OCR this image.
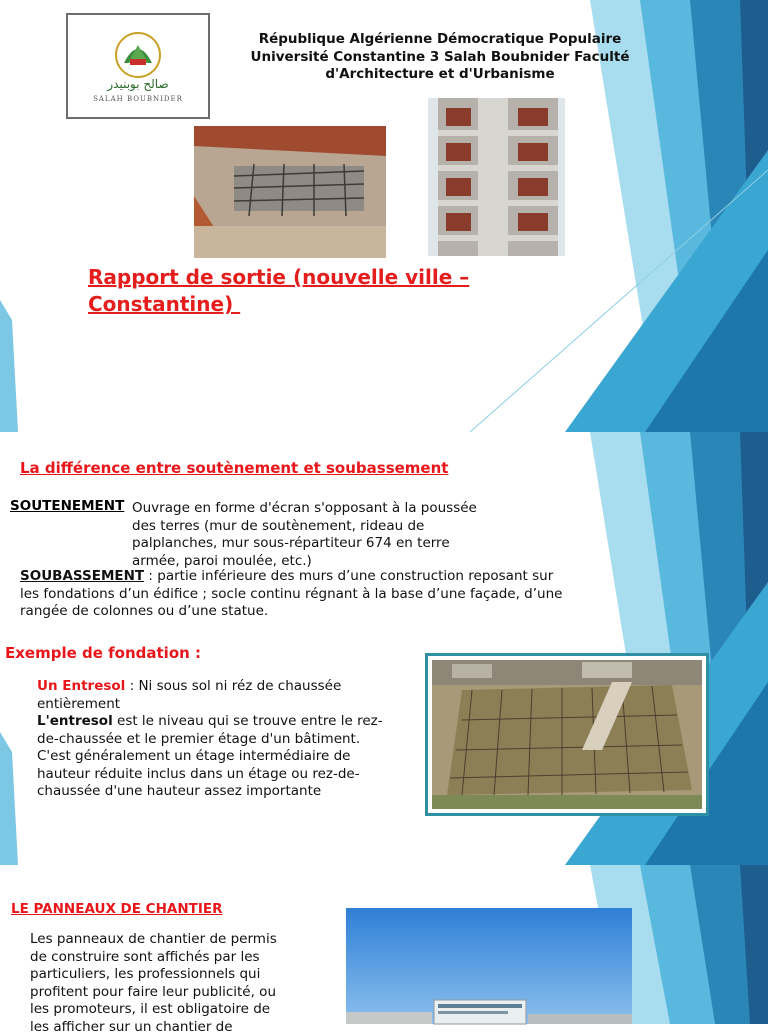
صالح بوبنيدر
SALAH BOUBNIDER
République Algérienne Démocratique Populaire
Université Constantine 3 Salah Boubnider Faculté
d'Architecture et d'Urbanisme
Rapport de sortie (nouvelle ville –
Constantine)
La différence entre soutènement et soubassement
SOUTENEMENT Ouvrage en forme d'écran s'opposant à la poussée
des terres (mur de soutènement, rideau de
palplanches, mur sous-répartiteur 674 en terre
armée, paroi moulée, etc.)
SOUBASSEMENT : partie inférieure des murs d’une construction reposant sur
les fondations d’un édifice ; socle continu régnant à la base d’une façade, d’une
rangée de colonnes ou d’une statue.
Exemple de fondation :
Un Entresol : Ni sous sol ni réz de chaussée
entièrement
L'entresol est le niveau qui se trouve entre le rez-
de-chaussée et le premier étage d'un bâtiment.
C'est généralement un étage intermédiaire de
hauteur réduite inclus dans un étage ou rez-de-
chaussée d'une hauteur assez importante
LE PANNEAUX DE CHANTIER
Les panneaux de chantier de permis
de construire sont affichés par les
particuliers, les professionnels qui
profitent pour faire leur publicité, ou
les promoteurs, il est obligatoire de
les afficher sur un chantier de
